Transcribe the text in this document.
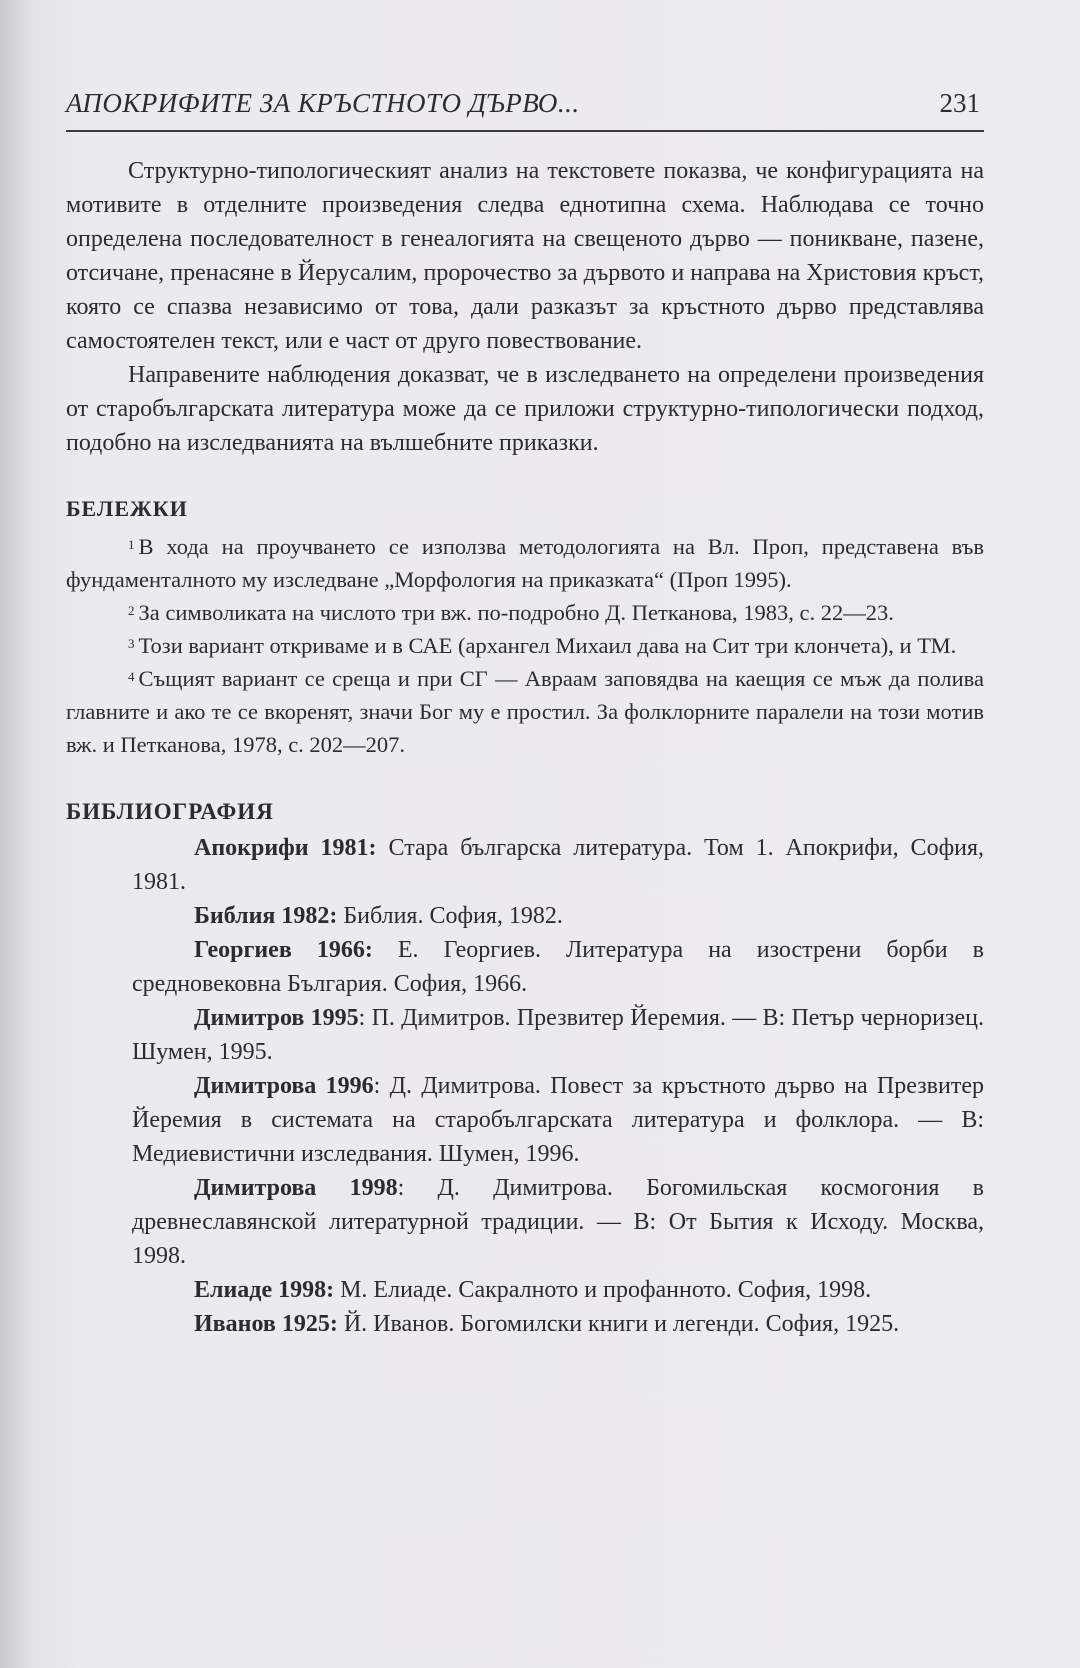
АПОКРИФИТЕ ЗА КРЪСТНОТО ДЪРВО...	231

Структурно-типологическият анализ на текстовете показва, че конфигурацията на мотивите в отделните произведения следва еднотипна схема. Наблюдава се точно определена последователност в генеалогията на свещеното дърво — поникване, пазене, отсичане, пренасяне в Йерусалим, пророчество за дървото и направа на Христовия кръст, която се спазва независимо от това, дали разказът за кръстното дърво представлява самостоятелен текст, или е част от друго повествование.

Направените наблюдения доказват, че в изследването на определени произведения от старобългарската литература може да се приложи структурно-типологически подход, подобно на изследванията на вълшебните приказки.

БЕЛЕЖКИ

$^1$ В хода на проучването се използва методологията на Вл. Проп, представена във фундаменталното му изследване „Морфология на приказката“ (Проп 1995).

$^2$ За символиката на числото три вж. по-подробно Д. Петканова, 1983, с. 22—23.

$^3$ Този вариант откриваме и в САЕ (архангел Михаил дава на Сит три клончета), и ТМ.

$^4$ Същият вариант се среща и при СГ — Авраам заповядва на каещия се мъж да полива главните и ако те се вкоренят, значи Бог му е простил. За фолклорните паралели на този мотив вж. и Петканова, 1978, с. 202—207.

БИБЛИОГРАФИЯ

Апокрифи 1981: Стара българска литература. Том 1. Апокрифи, София, 1981.

Библия 1982: Библия. София, 1982.

Георгиев 1966: Е. Георгиев. Литература на изострени борби в средновековна България. София, 1966.

Димитров 1995: П. Димитров. Презвитер Йеремия. — В: Петър черноризец. Шумен, 1995.

Димитрова 1996: Д. Димитрова. Повест за кръстното дърво на Презвитер Йеремия в системата на старобългарската литература и фолклора. — В: Медиевистични изследвания. Шумен, 1996.

Димитрова 1998: Д. Димитрова. Богомильская космогония в древнеславянской литературной традиции. — В: От Бытия к Исходу. Москва, 1998.

Елиаде 1998: М. Елиаде. Сакралното и профанното. София, 1998.

Иванов 1925: Й. Иванов. Богомилски книги и легенди. София, 1925.
